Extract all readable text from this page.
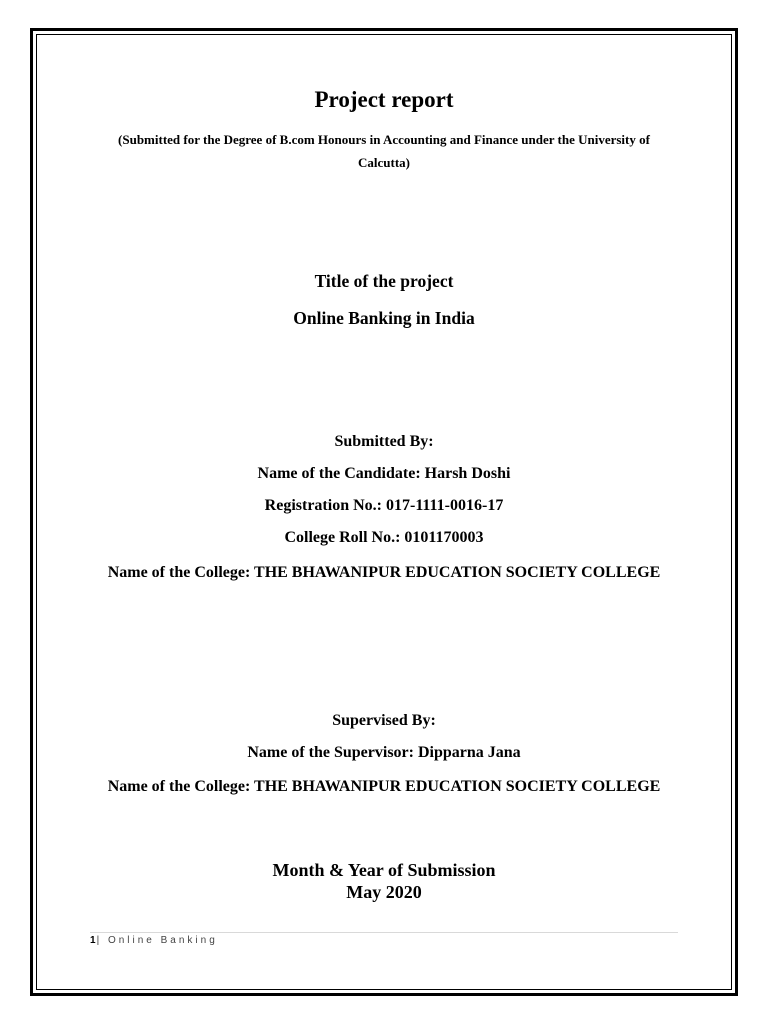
Project report
(Submitted for the Degree of B.com Honours in Accounting and Finance under the University of Calcutta)
Title of the project
Online Banking in India
Submitted By:
Name of the Candidate: Harsh Doshi
Registration No.: 017-1111-0016-17
College Roll No.: 0101170003
Name of the College: THE BHAWANIPUR EDUCATION SOCIETY COLLEGE
Supervised By:
Name of the Supervisor: Dipparna Jana
Name of the College: THE BHAWANIPUR EDUCATION SOCIETY COLLEGE
Month & Year of Submission
May 2020
1| Online Banking
